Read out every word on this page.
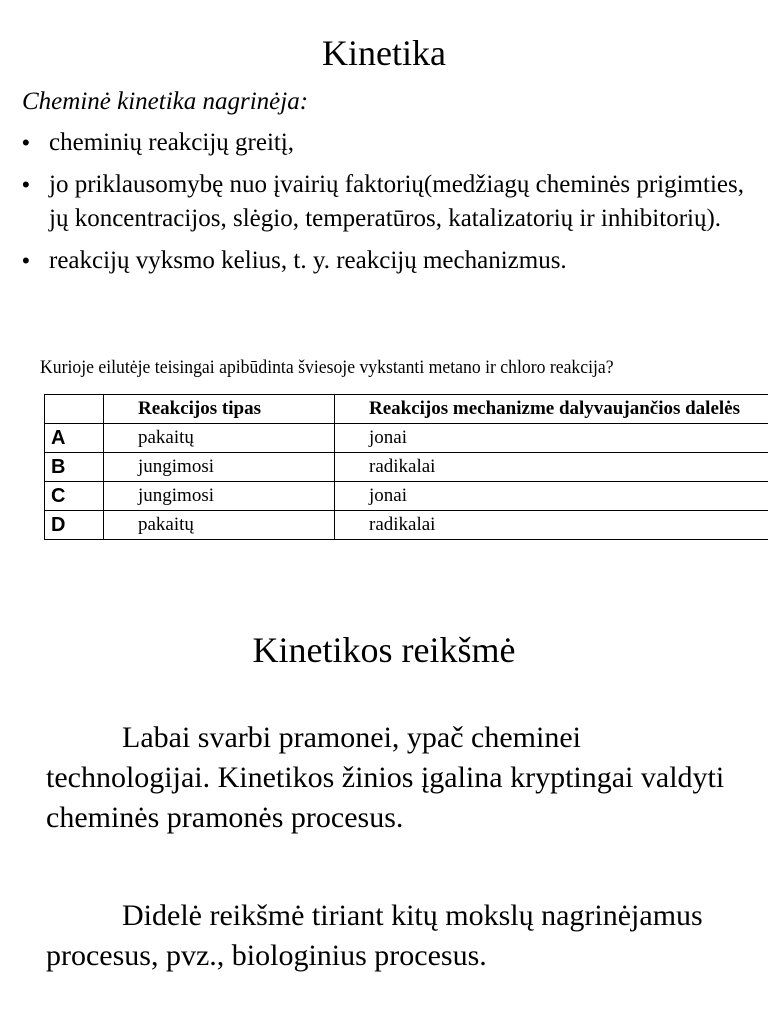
Kinetika
Cheminė kinetika nagrinėja:
• cheminių reakcijų greitį,
• jo priklausomybę nuo įvairių faktorių(medžiagų cheminės prigimties, jų koncentracijos, slėgio, temperatūros, katalizatorių ir inhibitorių).
• reakcijų vyksmo kelius, t. y. reakcijų mechanizmus.
Kurioje eilutėje teisingai apibūdinta šviesoje vykstanti metano ir chloro reakcija?
	Reakcijos tipas	Reakcijos mechanizme dalyvaujančios dalelės
A	pakaitų	jonai
B	jungimosi	radikalai
C	jungimosi	jonai
D	pakaitų	radikalai
Kinetikos reikšmė

Labai svarbi pramonei, ypač cheminei technologijai. Kinetikos žinios įgalina kryptingai valdyti cheminės pramonės procesus.

Didelė reikšmė tiriant kitų mokslų nagrinėjamus procesus, pvz., biologinius procesus.
